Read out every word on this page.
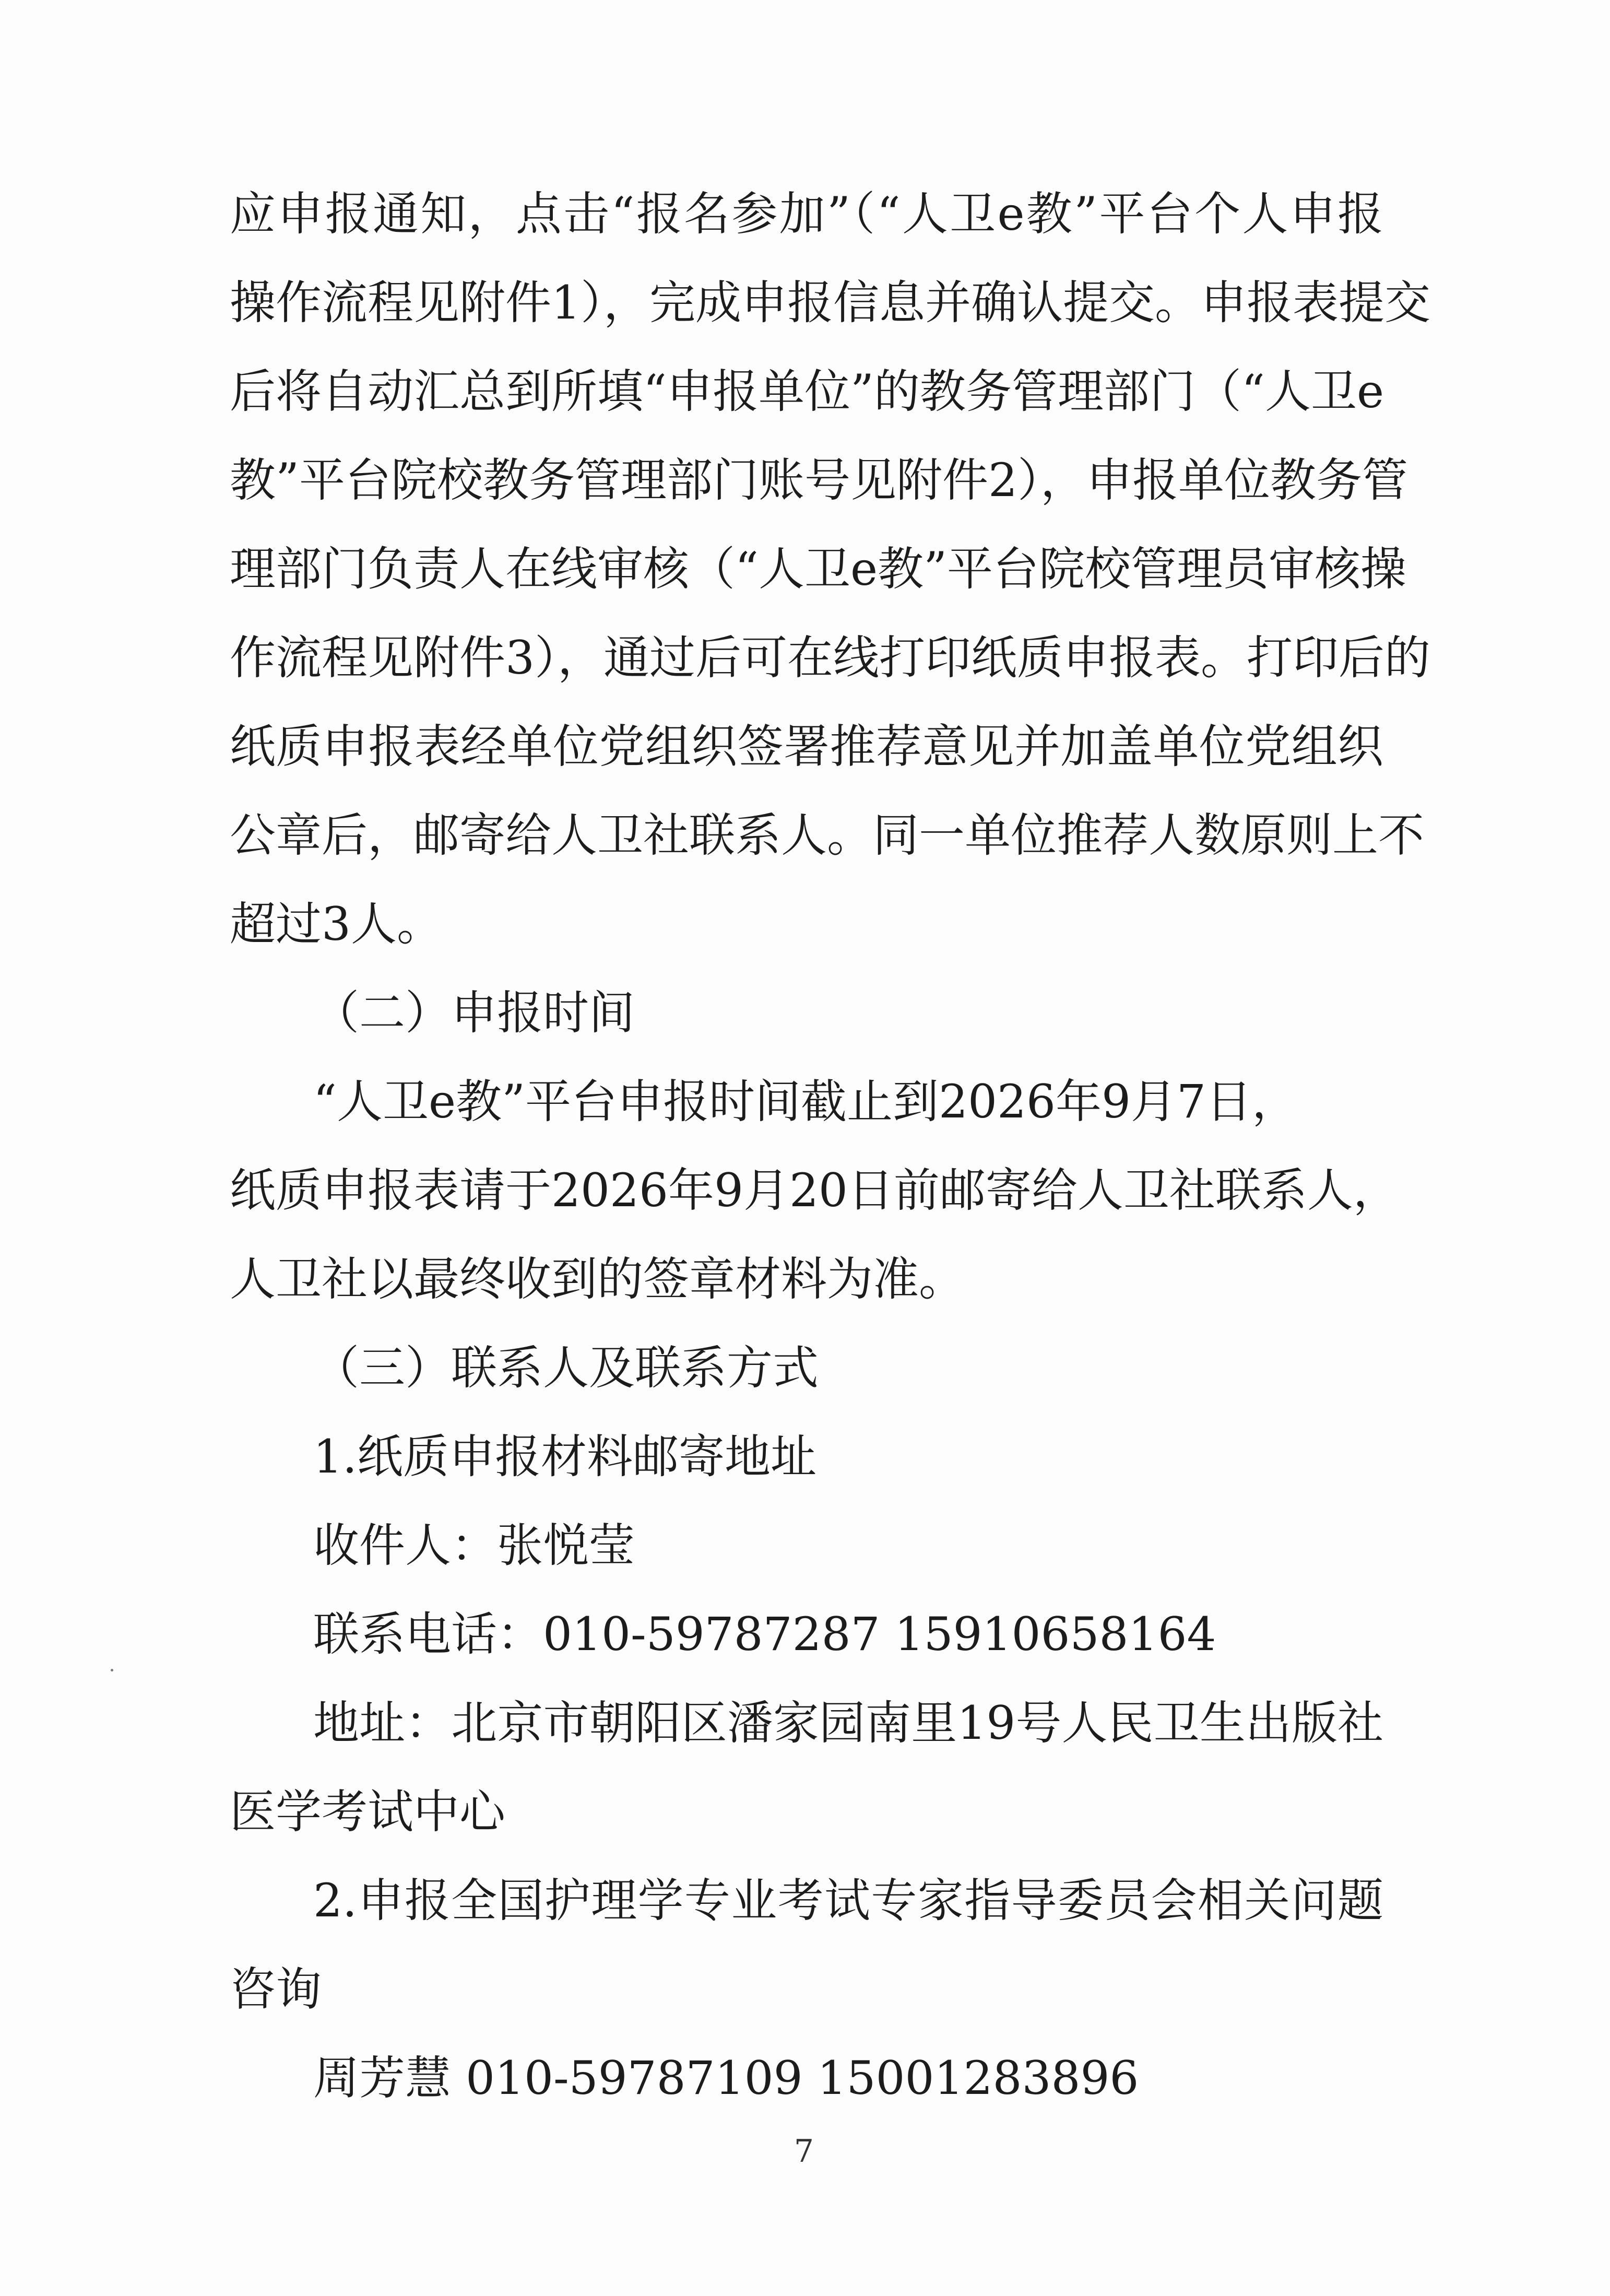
应申报通知，点击“报名参加”（“人卫e教”平台个人申报
操作流程见附件1），完成申报信息并确认提交。申报表提交
后将自动汇总到所填“申报单位”的教务管理部门（“人卫e
教”平台院校教务管理部门账号见附件2），申报单位教务管
理部门负责人在线审核（“人卫e教”平台院校管理员审核操
作流程见附件3），通过后可在线打印纸质申报表。打印后的
纸质申报表经单位党组织签署推荐意见并加盖单位党组织
公章后，邮寄给人卫社联系人。同一单位推荐人数原则上不
超过3人。
（二）申报时间
“人卫e教”平台申报时间截止到2026年9月7日，
纸质申报表请于2026年9月20日前邮寄给人卫社联系人，
人卫社以最终收到的签章材料为准。
（三）联系人及联系方式
1.纸质申报材料邮寄地址
收件人：张悦莹
联系电话：010-59787287 15910658164
地址：北京市朝阳区潘家园南里19号人民卫生出版社
医学考试中心
2.申报全国护理学专业考试专家指导委员会相关问题
咨询
周芳慧 010-59787109 15001283896
7
